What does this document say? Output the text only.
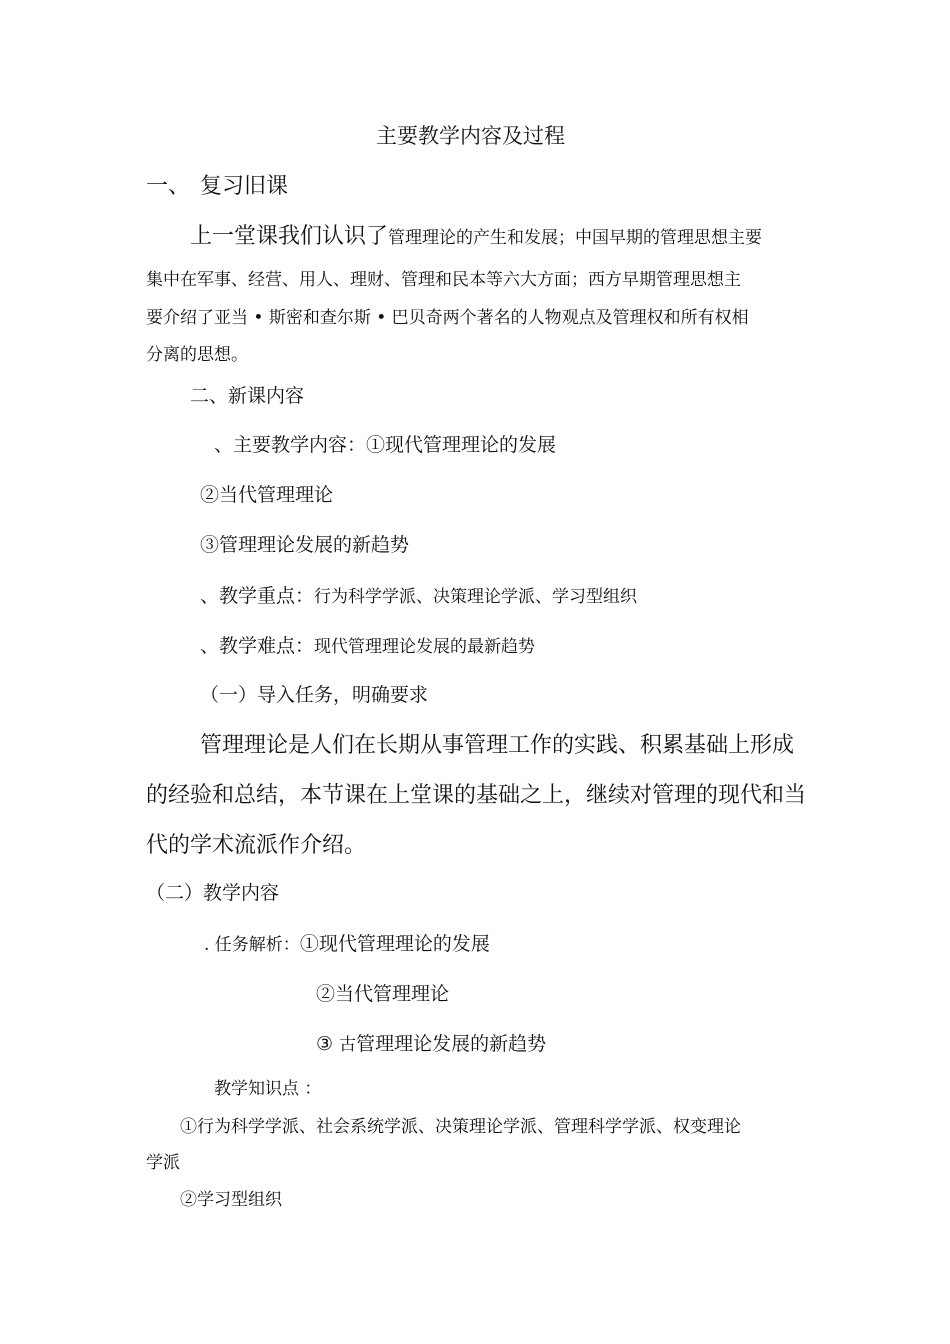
主要教学内容及过程
一、 复习旧课
上一堂课我们认识了管理理论的产生和发展；中国早期的管理思想主要
集中在军事、经营、用人、理财、管理和民本等六大方面；西方早期管理思想主
要介绍了亚当 • 斯密和查尔斯 • 巴贝奇两个著名的人物观点及管理权和所有权相
分离的思想。
二、新课内容
、主要教学内容：①现代管理理论的发展
②当代管理理论
③管理理论发展的新趋势
、教学重点：行为科学学派、决策理论学派、学习型组织
、教学难点：现代管理理论发展的最新趋势
（一）导入任务，明确要求
管理理论是人们在长期从事管理工作的实践、积累基础上形成
的经验和总结，本节课在上堂课的基础之上，继续对管理的现代和当
代的学术流派作介绍。
（二）教学内容
. 任务解析：①现代管理理论的发展
②当代管理理论
③ 古管理理论发展的新趋势
教学知识点 ：
①行为科学学派、社会系统学派、决策理论学派、管理科学学派、权变理论
学派
②学习型组织
